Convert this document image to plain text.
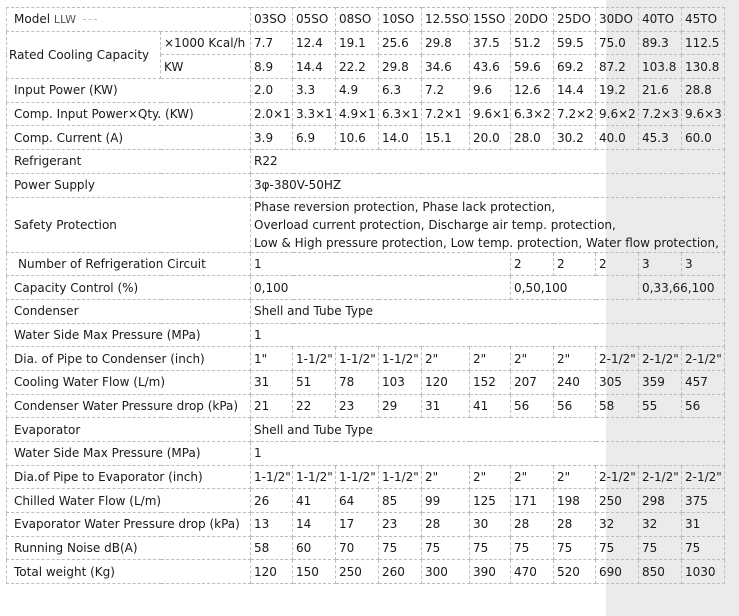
Model LLW		03SO	05SO	08SO	10SO	12.5SO	15SO	20DO	25DO	30DO	40TO	45TO
Rated Cooling Capacity	×1000 Kcal/h	7.7	12.4	19.1	25.6	29.8	37.5	51.2	59.5	75.0	89.3	112.5
	KW	8.9	14.4	22.2	29.8	34.6	43.6	59.6	69.2	87.2	103.8	130.8
Input Power (KW)		2.0	3.3	4.9	6.3	7.2	9.6	12.6	14.4	19.2	21.6	28.8
Comp. Input Power×Qty. (KW)		2.0×1	3.3×1	4.9×1	6.3×1	7.2×1	9.6×1	6.3×2	7.2×2	9.6×2	7.2×3	9.6×3
Comp. Current (A)		3.9	6.9	10.6	14.0	15.1	20.0	28.0	30.2	40.0	45.3	60.0
Refrigerant		R22										
Power Supply		3φ-380V-50HZ										
Safety Protection		Phase reversion protection, Phase lack protection,
Overload current protection, Discharge air temp. protection,
Low & High pressure protection, Low temp. protection, Water flow protection,										

Number of Refrigeration Circuit		1						2	2	2	3	3
Capacity Control (%)		0,100						0,50,100			0,33,66,100	
Condenser		Shell and Tube Type										
Water Side Max Pressure (MPa)		1										
Dia. of Pipe to Condenser (inch)		1"	1-1/2"	1-1/2"	1-1/2"	2"	2"	2"	2"	2-1/2"	2-1/2"	2-1/2"
Cooling Water Flow (L/m)		31	51	78	103	120	152	207	240	305	359	457
Condenser Water Pressure drop (kPa)		21	22	23	29	31	41	56	56	58	55	56
Evaporator		Shell and Tube Type										
Water Side Max Pressure (MPa)		1										
Dia.of Pipe to Evaporator (inch)		1-1/2"	1-1/2"	1-1/2"	1-1/2"	2"	2"	2"	2"	2-1/2"	2-1/2"	2-1/2"
Chilled Water Flow (L/m)		26	41	64	85	99	125	171	198	250	298	375
Evaporator Water Pressure drop (kPa)		13	14	17	23	28	30	28	28	32	32	31
Running Noise dB(A)		58	60	70	75	75	75	75	75	75	75	75
Total weight (Kg)		120	150	250	260	300	390	470	520	690	850	1030
